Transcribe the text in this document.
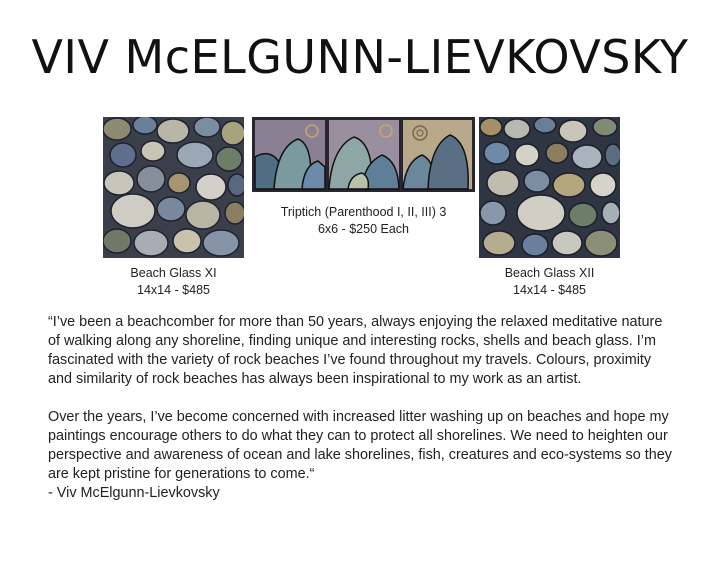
VIV McELGUNN-LIEVKOVSKY
Beach Glass XI
14x14 - $485
Triptich (Parenthood I, II, III) 3
6x6 - $250 Each
Beach Glass XII
14x14 - $485

“I’ve been a beachcomber for more than 50 years, always enjoying the relaxed meditative nature of walking along any shoreline, finding unique and interesting rocks, shells and beach glass. I’m fascinated with the variety of rock beaches I’ve found throughout my travels. Colours, proximity and similarity of rock beaches has always been inspirational to my work as an artist.

Over the years, I’ve become concerned with increased litter washing up on beaches and hope my paintings encourage others to do what they can to protect all shorelines. We need to heighten our perspective and awareness of ocean and lake shorelines, fish, creatures and eco-systems so they are kept pristine for generations to come.“

- Viv McElgunn-Lievkovsky
